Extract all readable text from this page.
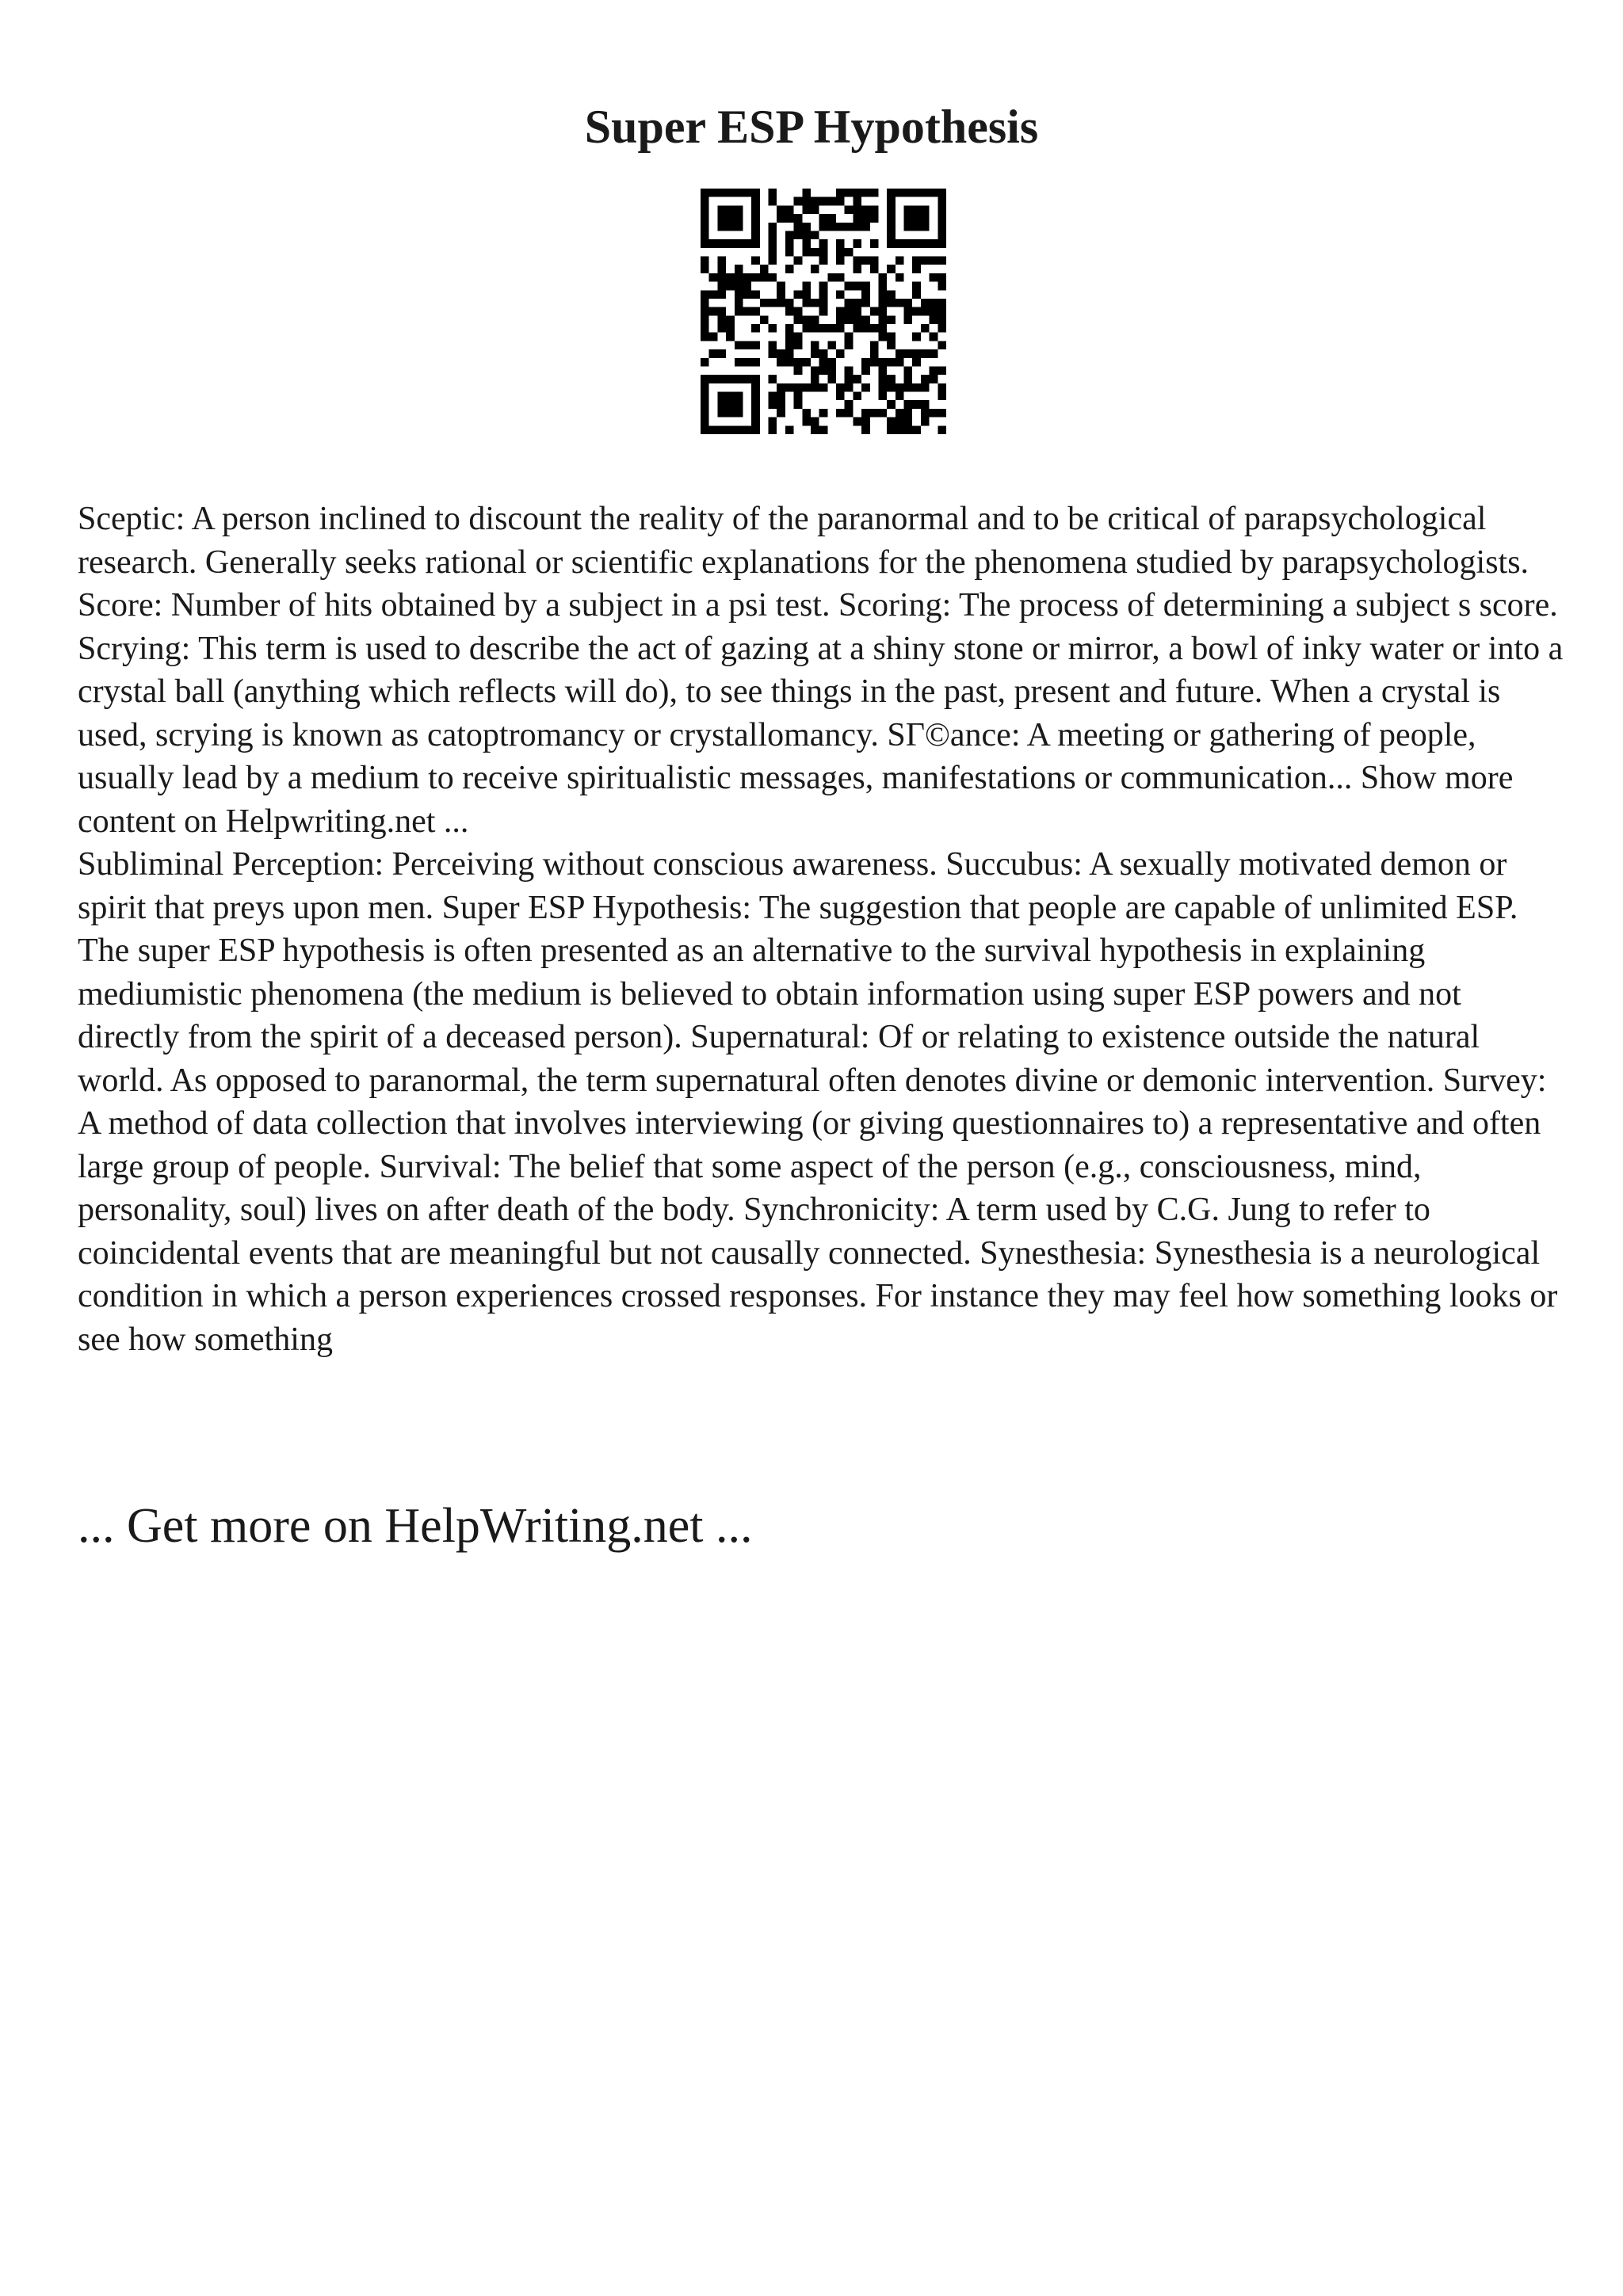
Super ESP Hypothesis

Sceptic: A person inclined to discount the reality of the paranormal and to be critical of parapsychological research. Generally seeks rational or scientific explanations for the phenomena studied by parapsychologists. Score: Number of hits obtained by a subject in a psi test. Scoring: The process of determining a subject s score. Scrying: This term is used to describe the act of gazing at a shiny stone or mirror, a bowl of inky water or into a crystal ball (anything which reflects will do), to see things in the past, present and future. When a crystal is used, scrying is known as catoptromancy or crystallomancy. SГ©ance: A meeting or gathering of people, usually lead by a medium to receive spiritualistic messages, manifestations or communication... Show more content on Helpwriting.net ...

Subliminal Perception: Perceiving without conscious awareness. Succubus: A sexually motivated demon or spirit that preys upon men. Super ESP Hypothesis: The suggestion that people are capable of unlimited ESP. The super ESP hypothesis is often presented as an alternative to the survival hypothesis in explaining mediumistic phenomena (the medium is believed to obtain information using super ESP powers and not directly from the spirit of a deceased person). Supernatural: Of or relating to existence outside the natural world. As opposed to paranormal, the term supernatural often denotes divine or demonic intervention. Survey: A method of data collection that involves interviewing (or giving questionnaires to) a representative and often large group of people. Survival: The belief that some aspect of the person (e.g., consciousness, mind, personality, soul) lives on after death of the body. Synchronicity: A term used by C.G. Jung to refer to coincidental events that are meaningful but not causally connected. Synesthesia: Synesthesia is a neurological condition in which a person experiences crossed responses. For instance they may feel how something looks or see how something

... Get more on HelpWriting.net ...
